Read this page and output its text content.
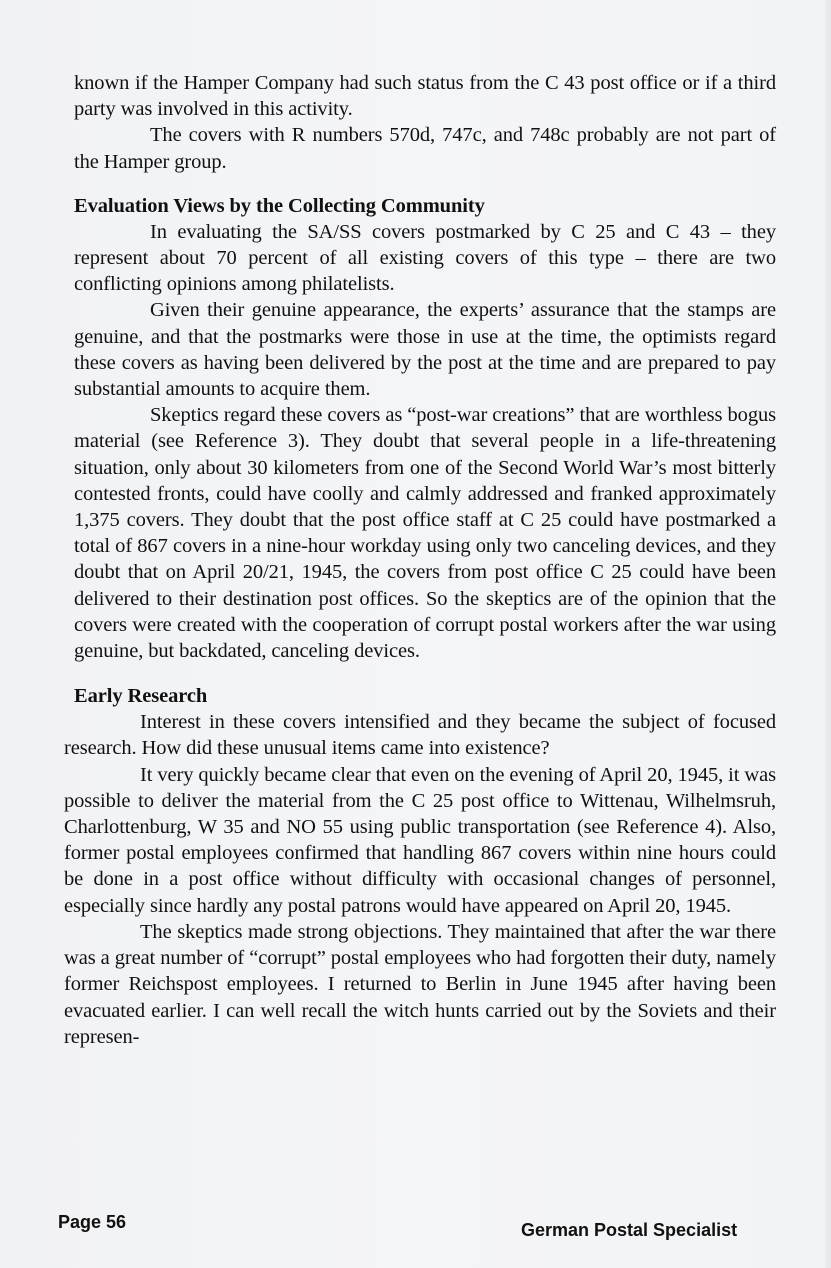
known if the Hamper Company had such status from the C 43 post office or if a third party was involved in this activity.

The covers with R numbers 570d, 747c, and 748c probably are not part of the Hamper group.

Evaluation Views by the Collecting Community

In evaluating the SA/SS covers postmarked by C 25 and C 43 – they represent about 70 percent of all existing covers of this type – there are two conflicting opinions among philatelists.

Given their genuine appearance, the experts’ assurance that the stamps are genuine, and that the postmarks were those in use at the time, the optimists regard these covers as having been delivered by the post at the time and are prepared to pay substantial amounts to acquire them.

Skeptics regard these covers as “post-war creations” that are worthless bogus material (see Reference 3). They doubt that several people in a life-threatening situation, only about 30 kilometers from one of the Second World War’s most bitterly contested fronts, could have coolly and calmly addressed and franked approximately 1,375 covers. They doubt that the post office staff at C 25 could have postmarked a total of 867 covers in a nine-hour workday using only two canceling devices, and they doubt that on April 20/21, 1945, the covers from post office C 25 could have been delivered to their destination post offices. So the skeptics are of the opinion that the covers were created with the cooperation of corrupt postal workers after the war using genuine, but backdated, canceling devices.

Early Research

Interest in these covers intensified and they became the subject of focused research. How did these unusual items came into existence?

It very quickly became clear that even on the evening of April 20, 1945, it was possible to deliver the material from the C 25 post office to Wittenau, Wilhelmsruh, Charlottenburg, W 35 and NO 55 using public transportation (see Reference 4). Also, former postal employees confirmed that handling 867 covers within nine hours could be done in a post office without difficulty with occasional changes of personnel, especially since hardly any postal patrons would have appeared on April 20, 1945.

The skeptics made strong objections. They maintained that after the war there was a great number of “corrupt” postal employees who had forgotten their duty, namely former Reichspost employees. I returned to Berlin in June 1945 after having been evacuated earlier. I can well recall the witch hunts carried out by the Soviets and their represen-

Page 56	German Postal Specialist
